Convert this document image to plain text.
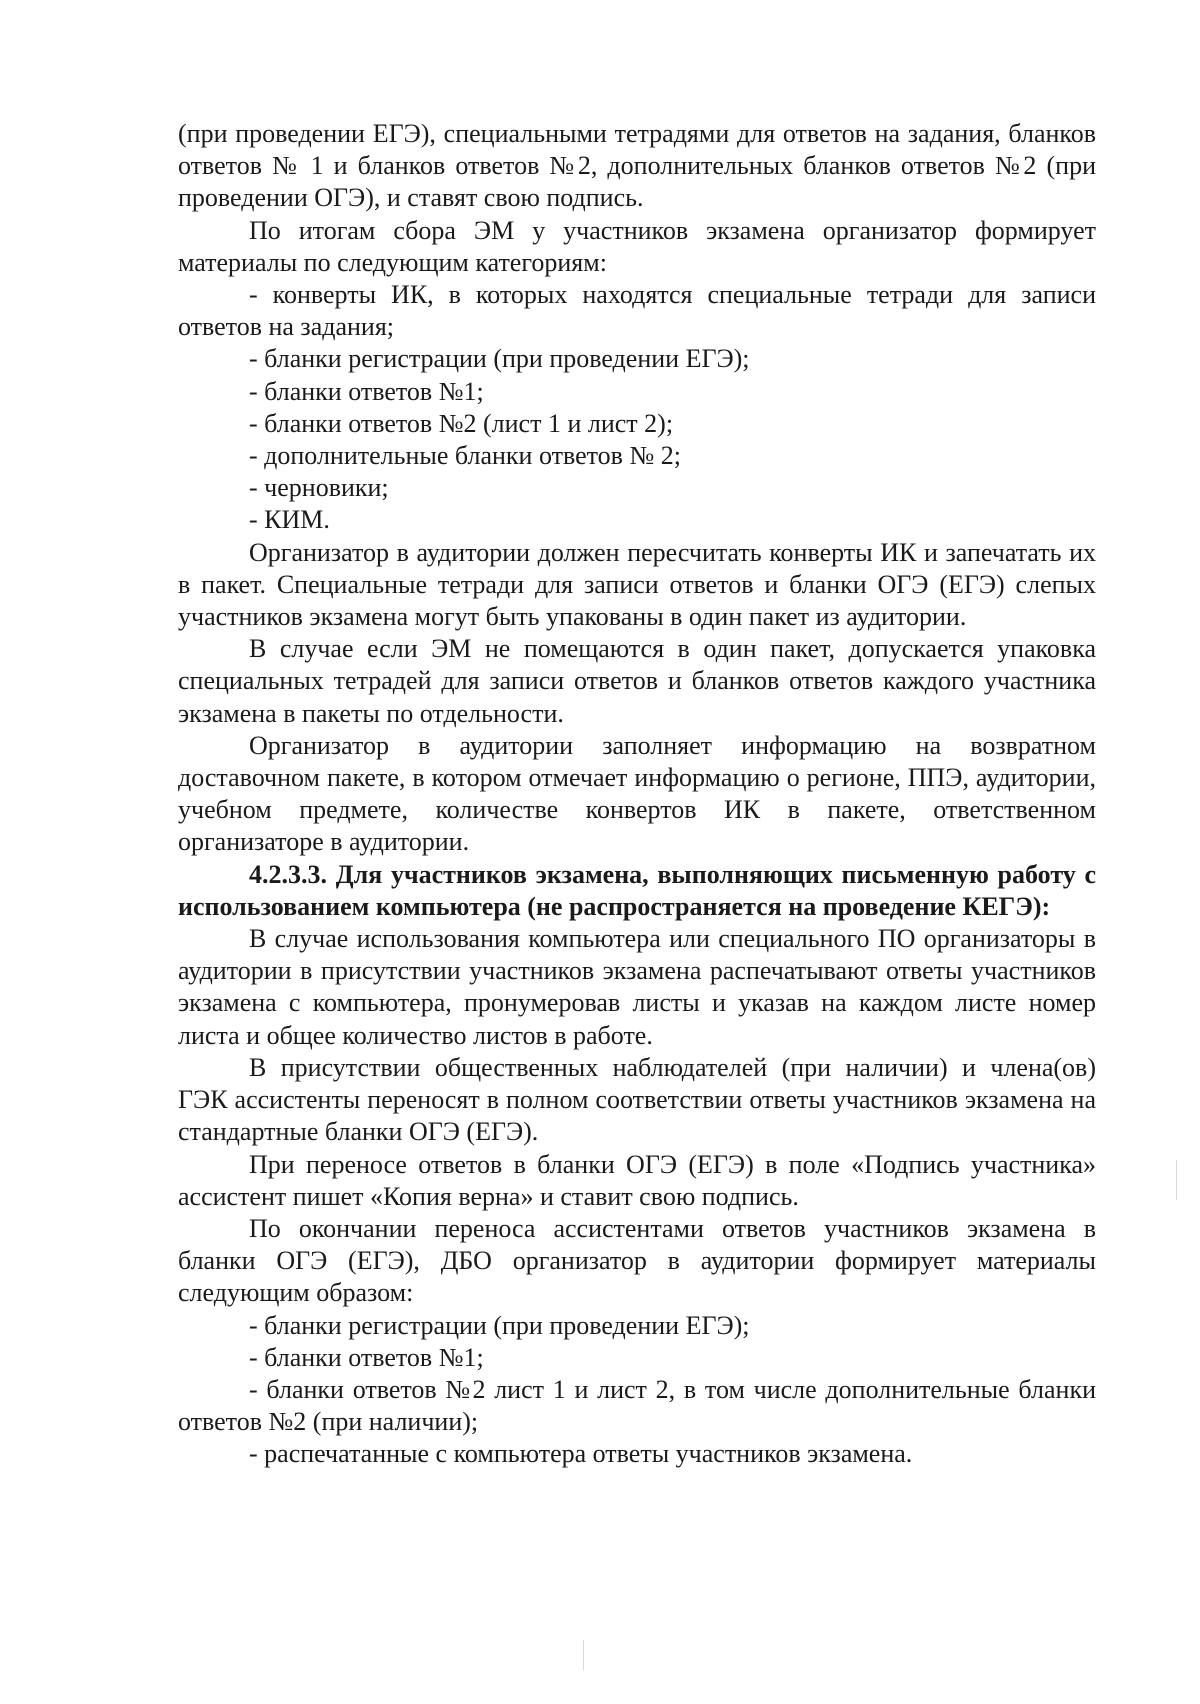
(при проведении ЕГЭ), специальными тетрадями для ответов на задания, бланков ответов № 1 и бланков ответов №2, дополнительных бланков ответов №2 (при проведении ОГЭ), и ставят свою подпись.

По итогам сбора ЭМ у участников экзамена организатор формирует материалы по следующим категориям:

- конверты ИК, в которых находятся специальные тетради для записи ответов на задания;

- бланки регистрации (при проведении ЕГЭ);

- бланки ответов №1;

- бланки ответов №2 (лист 1 и лист 2);

- дополнительные бланки ответов № 2;

- черновики;

- КИМ.

Организатор в аудитории должен пересчитать конверты ИК и запечатать их в пакет. Специальные тетради для записи ответов и бланки ОГЭ (ЕГЭ) слепых участников экзамена могут быть упакованы в один пакет из аудитории.

В случае если ЭМ не помещаются в один пакет, допускается упаковка специальных тетрадей для записи ответов и бланков ответов каждого участника экзамена в пакеты по отдельности.

Организатор в аудитории заполняет информацию на возвратном доставочном пакете, в котором отмечает информацию о регионе, ППЭ, аудитории, учебном предмете, количестве конвертов ИК в пакете, ответственном организаторе в аудитории.

4.2.3.3. Для участников экзамена, выполняющих письменную работу с использованием компьютера (не распространяется на проведение КЕГЭ):

В случае использования компьютера или специального ПО организаторы в аудитории в присутствии участников экзамена распечатывают ответы участников экзамена с компьютера, пронумеровав листы и указав на каждом листе номер листа и общее количество листов в работе.

В присутствии общественных наблюдателей (при наличии) и члена(ов) ГЭК ассистенты переносят в полном соответствии ответы участников экзамена на стандартные бланки ОГЭ (ЕГЭ).

При переносе ответов в бланки ОГЭ (ЕГЭ) в поле «Подпись участника» ассистент пишет «Копия верна» и ставит свою подпись.

По окончании переноса ассистентами ответов участников экзамена в бланки ОГЭ (ЕГЭ), ДБО организатор в аудитории формирует материалы следующим образом:

- бланки регистрации (при проведении ЕГЭ);

- бланки ответов №1;

- бланки ответов №2 лист 1 и лист 2, в том числе дополнительные бланки ответов №2 (при наличии);

- распечатанные с компьютера ответы участников экзамена.
